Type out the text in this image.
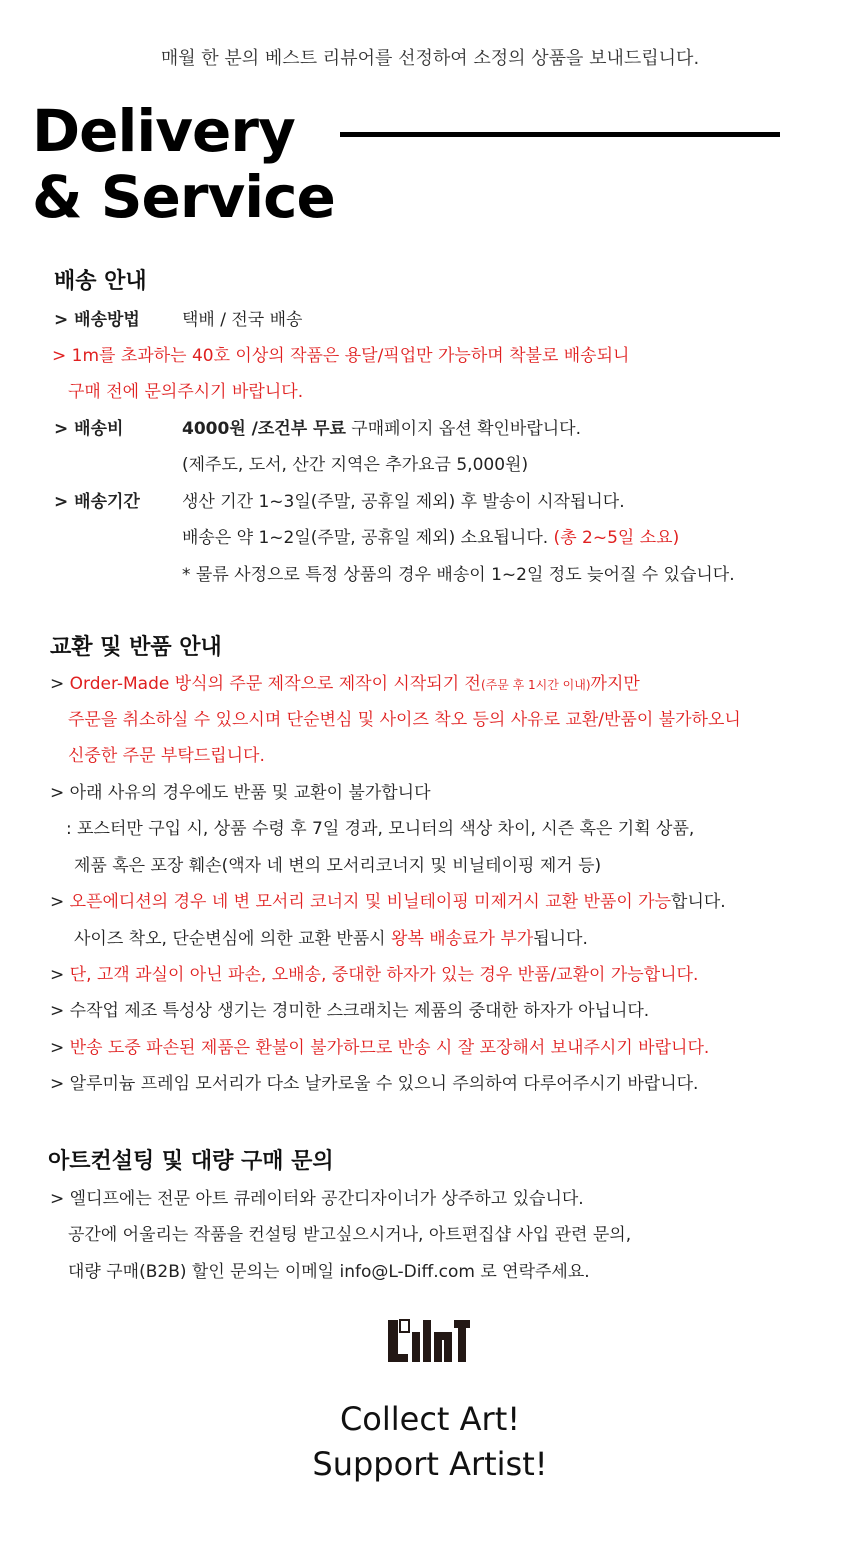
매월 한 분의 베스트 리뷰어를 선정하여 소정의 상품을 보내드립니다.
Delivery
& Service
배송 안내
> 배송방법 택배 / 전국 배송
> 1m를 초과하는 40호 이상의 작품은 용달/픽업만 가능하며 착불로 배송되니
구매 전에 문의주시기 바랍니다.
> 배송비	4000원 /조건부 무료 구매페이지 옵션 확인바랍니다.
(제주도, 도서, 산간 지역은 추가요금 5,000원)
> 배송기간 생산 기간 1~3일(주말, 공휴일 제외) 후 발송이 시작됩니다.
배송은 약 1~2일(주말, 공휴일 제외) 소요됩니다. (총 2~5일 소요)
* 물류 사정으로 특정 상품의 경우 배송이 1~2일 정도 늦어질 수 있습니다.
교환 및 반품 안내
> Order-Made 방식의 주문 제작으로 제작이 시작되기 전(주문 후 1시간 이내)까지만
주문을 취소하실 수 있으시며 단순변심 및 사이즈 착오 등의 사유로 교환/반품이 불가하오니
신중한 주문 부탁드립니다.
> 아래 사유의 경우에도 반품 및 교환이 불가합니다
: 포스터만 구입 시, 상품 수령 후 7일 경과, 모니터의 색상 차이, 시즌 혹은 기획 상품,
제품 혹은 포장 훼손(액자 네 변의 모서리코너지 및 비닐테이핑 제거 등)
> 오픈에디션의 경우 네 변 모서리 코너지 및 비닐테이핑 미제거시 교환 반품이 가능합니다.
사이즈 착오, 단순변심에 의한 교환 반품시 왕복 배송료가 부가됩니다.
> 단, 고객 과실이 아닌 파손, 오배송, 중대한 하자가 있는 경우 반품/교환이 가능합니다.
> 수작업 제조 특성상 생기는 경미한 스크래치는 제품의 중대한 하자가 아닙니다.
> 반송 도중 파손된 제품은 환불이 불가하므로 반송 시 잘 포장해서 보내주시기 바랍니다.
> 알루미늄 프레임 모서리가 다소 날카로울 수 있으니 주의하여 다루어주시기 바랍니다.
아트컨설팅 및 대량 구매 문의
> 엘디프에는 전문 아트 큐레이터와 공간디자이너가 상주하고 있습니다.
공간에 어울리는 작품을 컨설팅 받고싶으시거나, 아트편집샵 사입 관련 문의,
대량 구매(B2B) 할인 문의는 이메일 info@L-Diff.com 로 연락주세요.
Collect Art!
Support Artist!
